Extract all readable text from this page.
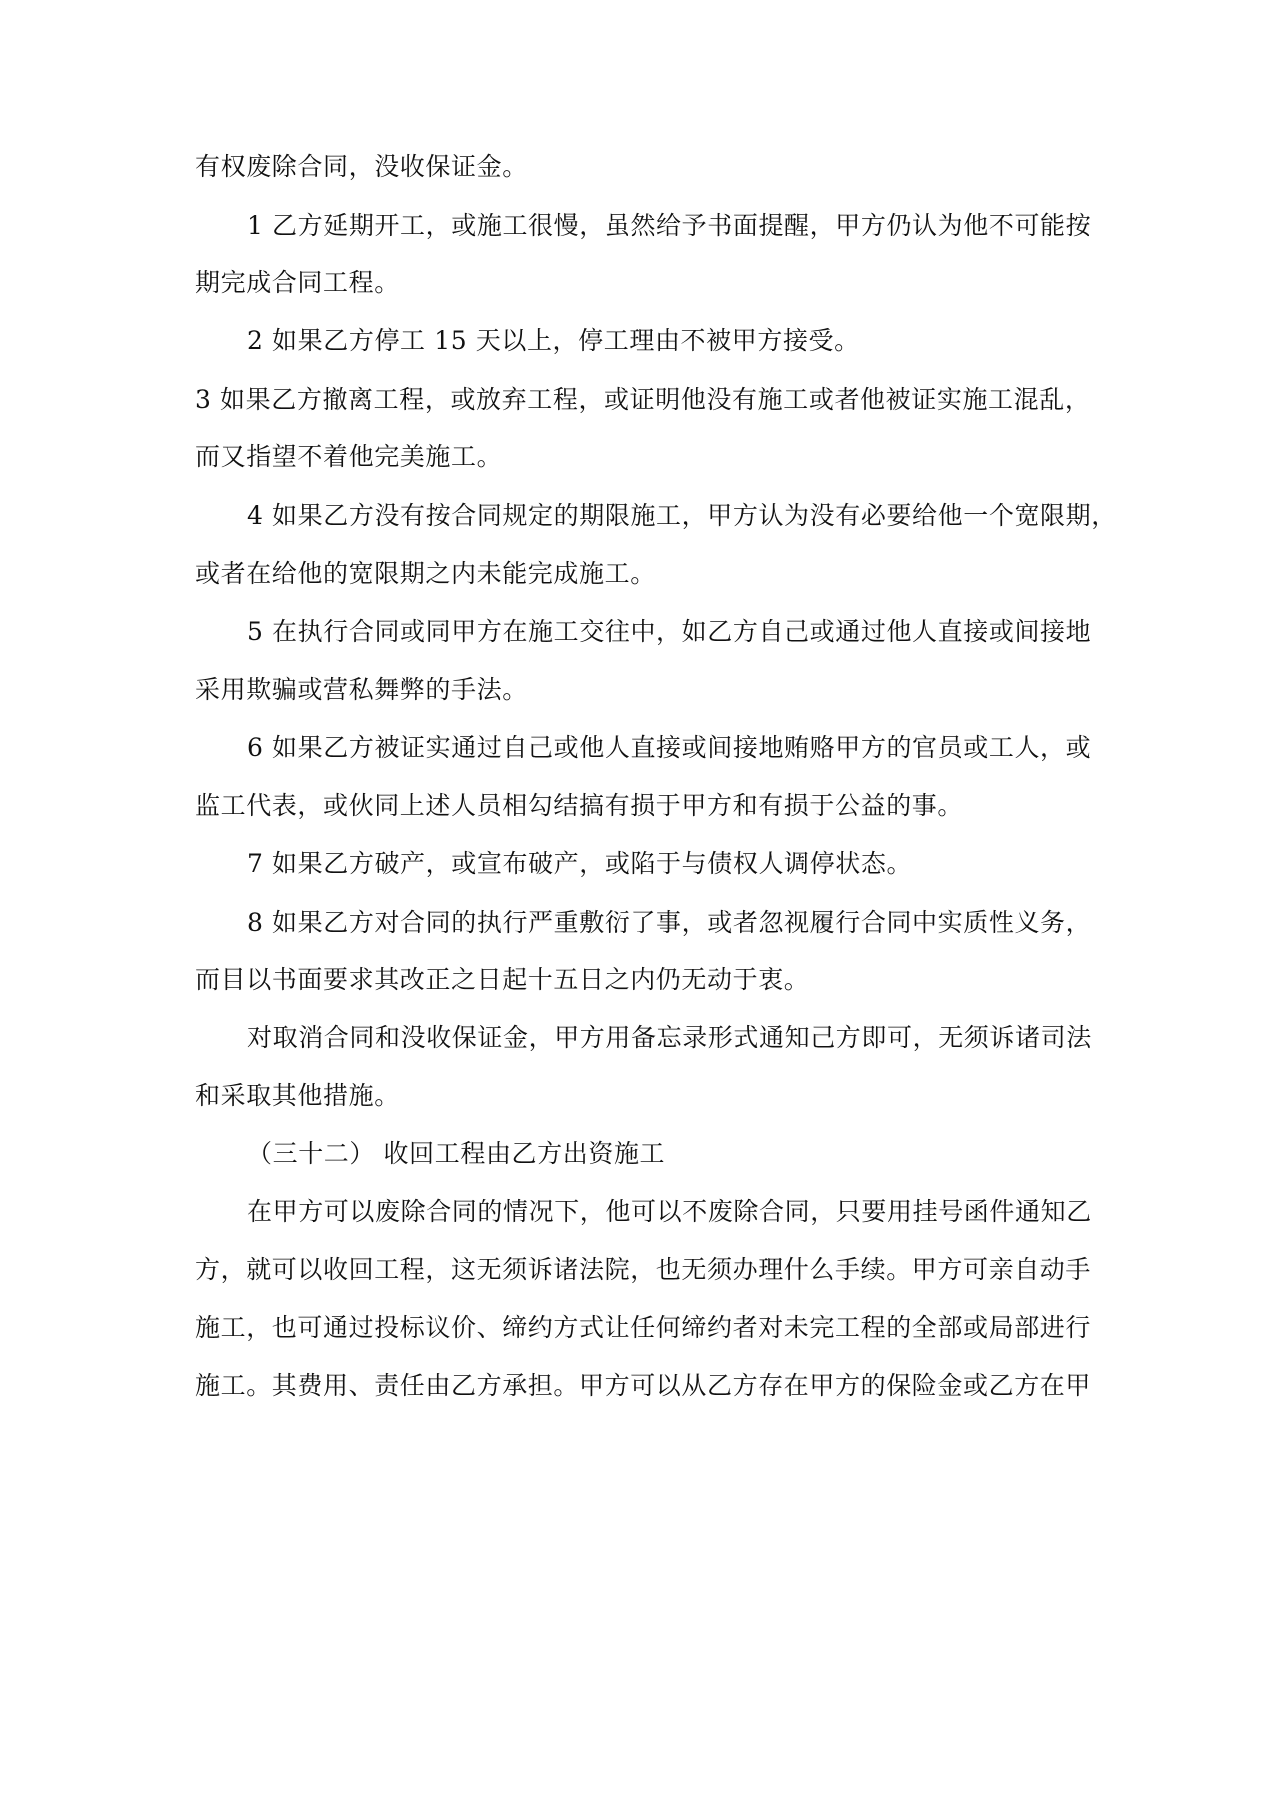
有权废除合同，没收保证金。
1 乙方延期开工，或施工很慢，虽然给予书面提醒，甲方仍认为他不可能按
期完成合同工程。
2 如果乙方停工 15 天以上，停工理由不被甲方接受。
3 如果乙方撤离工程，或放弃工程，或证明他没有施工或者他被证实施工混乱，
而又指望不着他完美施工。
4 如果乙方没有按合同规定的期限施工，甲方认为没有必要给他一个宽限期，
或者在给他的宽限期之内未能完成施工。
5 在执行合同或同甲方在施工交往中，如乙方自己或通过他人直接或间接地
采用欺骗或营私舞弊的手法。
6 如果乙方被证实通过自己或他人直接或间接地贿赂甲方的官员或工人，或
监工代表，或伙同上述人员相勾结搞有损于甲方和有损于公益的事。
7 如果乙方破产，或宣布破产，或陷于与债权人调停状态。
8 如果乙方对合同的执行严重敷衍了事，或者忽视履行合同中实质性义务，
而目以书面要求其改正之日起十五日之内仍无动于衷。
对取消合同和没收保证金，甲方用备忘录形式通知己方即可，无须诉诸司法
和采取其他措施。
（三十二） 收回工程由乙方出资施工
在甲方可以废除合同的情况下，他可以不废除合同，只要用挂号函件通知乙
方，就可以收回工程，这无须诉诸法院，也无须办理什么手续。甲方可亲自动手
施工，也可通过投标议价、缔约方式让任何缔约者对未完工程的全部或局部进行
施工。其费用、责任由乙方承担。甲方可以从乙方存在甲方的保险金或乙方在甲
